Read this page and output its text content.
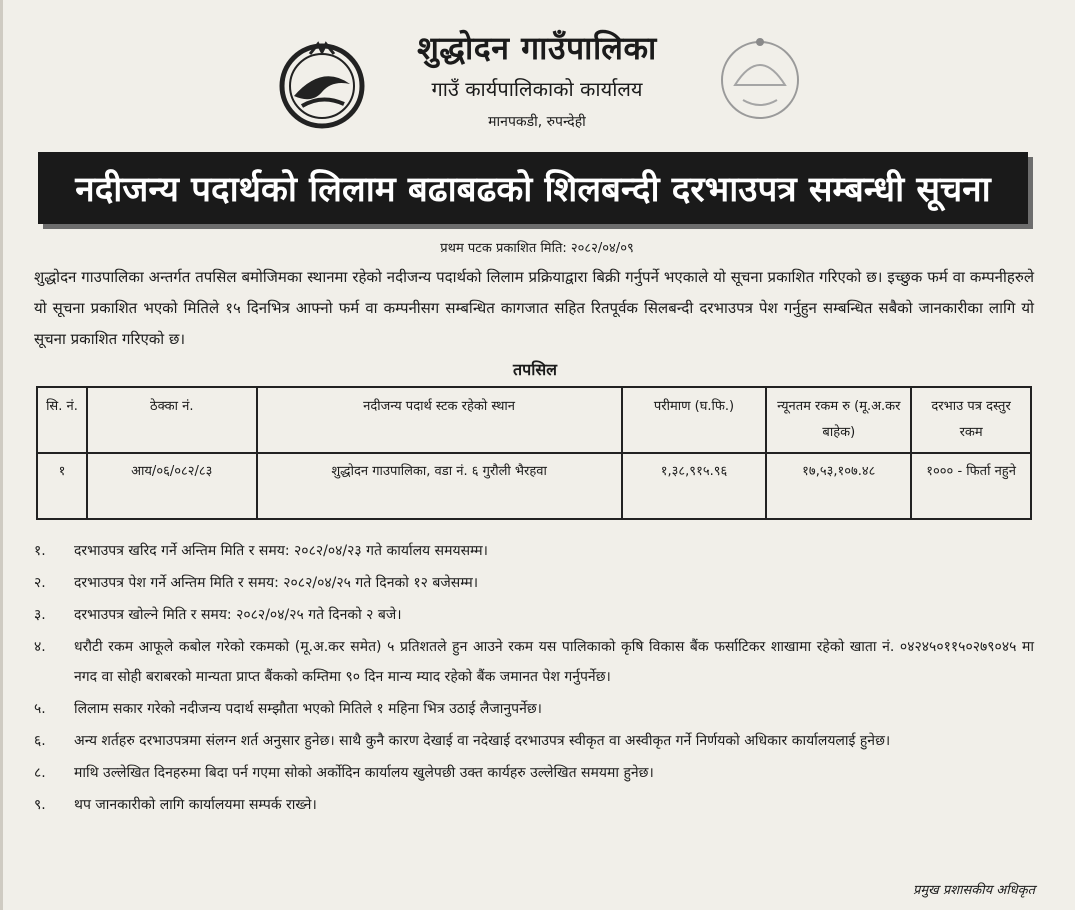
शुद्धोदन गाउँपालिका
गाउँ कार्यपालिकाको कार्यालय
मानपकडी, रुपन्देही
नदीजन्य पदार्थको लिलाम बढाबढको शिलबन्दी दरभाउपत्र सम्बन्धी सूचना
प्रथम पटक प्रकाशित मिति: २०८२/०४/०९
शुद्धोदन गाउपालिका अन्तर्गत तपसिल बमोजिमका स्थानमा रहेको नदीजन्य पदार्थको लिलाम प्रक्रियाद्वारा बिक्री गर्नुपर्ने भएकाले यो सूचना प्रकाशित गरिएको छ। इच्छुक फर्म वा कम्पनीहरुले यो सूचना प्रकाशित भएको मितिले १५ दिनभित्र आफ्नो फर्म वा कम्पनीसग सम्बन्धित कागजात सहित रितपूर्वक सिलबन्दी दरभाउपत्र पेश गर्नुहुन सम्बन्धित सबैको जानकारीका लागि यो सूचना प्रकाशित गरिएको छ।
तपसिल
सि. नं.	ठेक्का नं.	नदीजन्य पदार्थ स्टक रहेको स्थान	परीमाण (घ.फि.)	न्यूनतम रकम रु (मू.अ.कर बाहेक)	दरभाउ पत्र दस्तुर रकम
१	आय/०६/०८२/८३	शुद्धोदन गाउपालिका, वडा नं. ६ गुरौली भैरहवा	१,३८,९१५.९६	१७,५३,१०७.४८	१००० - फिर्ता नहुने
१.	दरभाउपत्र खरिद गर्ने अन्तिम मिति र समय: २०८२/०४/२३ गते कार्यालय समयसम्म।
२.	दरभाउपत्र पेश गर्ने अन्तिम मिति र समय: २०८२/०४/२५ गते दिनको १२ बजेसम्म।
३.	दरभाउपत्र खोल्ने मिति र समय: २०८२/०४/२५ गते दिनको २ बजे।
४.	धरौटी रकम आफूले कबोल गरेको रकमको (मू.अ.कर समेत) ५ प्रतिशतले हुन आउने रकम यस पालिकाको कृषि विकास बैंक फर्साटिकर शाखामा रहेको खाता नं. ०४२४५०११५०२७९०४५ मा नगद वा सोही बराबरको मान्यता प्राप्त बैंकको कम्तिमा ९० दिन मान्य म्याद रहेको बैंक जमानत पेश गर्नुपर्नेछ।
५.	लिलाम सकार गरेको नदीजन्य पदार्थ सम्झौता भएको मितिले १ महिना भित्र उठाई लैजानुपर्नेछ।
६.	अन्य शर्तहरु दरभाउपत्रमा संलग्न शर्त अनुसार हुनेछ। साथै कुनै कारण देखाई वा नदेखाई दरभाउपत्र स्वीकृत वा अस्वीकृत गर्ने निर्णयको अधिकार कार्यालयलाई हुनेछ।
८.	माथि उल्लेखित दिनहरुमा बिदा पर्न गएमा सोको अर्कोदिन कार्यालय खुलेपछी उक्त कार्यहरु उल्लेखित समयमा हुनेछ।
९.	थप जानकारीको लागि कार्यालयमा सम्पर्क राख्ने।
प्रमुख प्रशासकीय अधिकृत
